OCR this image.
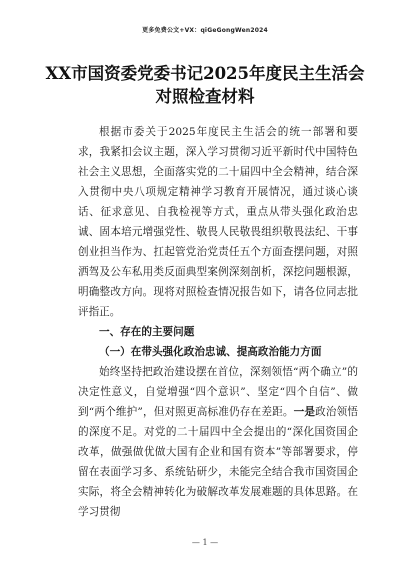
更多免费公文+VX：qiGeGongWen2024
XX市国资委党委书记2025年度民主生活会对照检查材料

根据市委关于2025年度民主生活会的统一部署和要求，我紧扣会议主题，深入学习贯彻习近平新时代中国特色社会主义思想，全面落实党的二十届四中全会精神，结合深入贯彻中央八项规定精神学习教育开展情况，通过谈心谈话、征求意见、自我检视等方式，重点从带头强化政治忠诚、固本培元增强党性、敬畏人民敬畏组织敬畏法纪、干事创业担当作为、扛起管党治党责任五个方面查摆问题，对照洒驾及公车私用类反面典型案例深刻剖析，深挖问题根源，明确整改方向。现将对照检查情况报告如下，请各位同志批评指正。

一、存在的主要问题
（一）在带头强化政治忠诚、提高政治能力方面

始终坚持把政治建设摆在首位，深刻领悟“两个确立”的决定性意义，自觉增强“四个意识”、坚定“四个自信”、做到“两个维护”，但对照更高标准仍存在差距。一是政治领悟的深度不足。对党的二十届四中全会提出的“深化国资国企改革，做强做优做大国有企业和国有资本”等部署要求，停留在表面学习多、系统钻研少，未能完全结合我市国资国企实际，将全会精神转化为破解改革发展难题的具体思路。在学习贯彻

— 1 —
